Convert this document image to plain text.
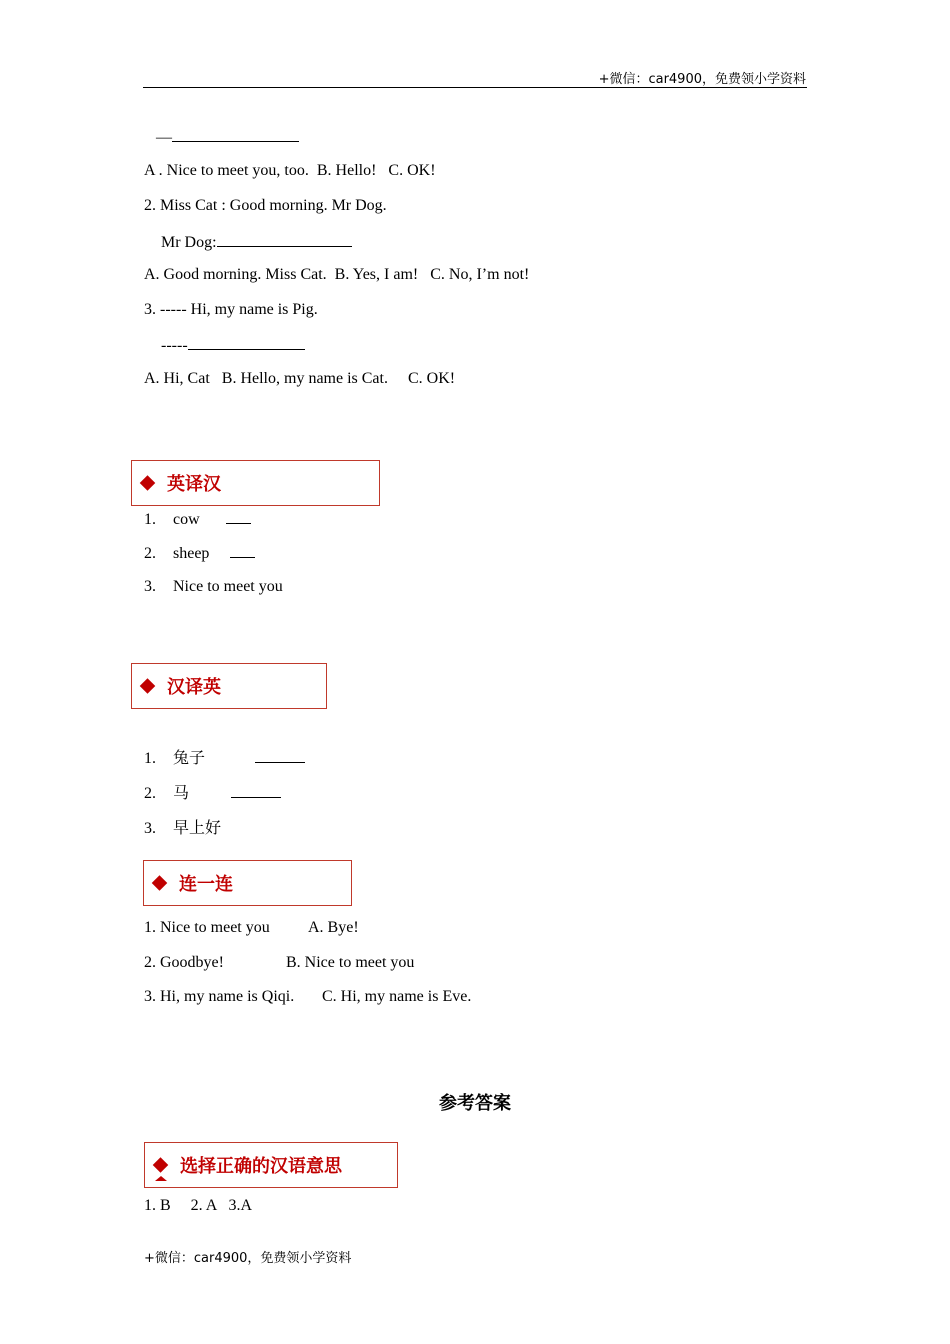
+微信：car4900，免费领小学资料
—
A . Nice to meet you, too.  B. Hello!   C. OK!
2. Miss Cat : Good morning. Mr Dog.
Mr Dog:
A. Good morning. Miss Cat.  B. Yes, I am!   C. No, I’m not!
3. ----- Hi, my name is Pig.
-----
A. Hi, Cat   B. Hello, my name is Cat.     C. OK!
英译汉
1. cow
2. sheep
3. Nice to meet you
汉译英
1. 兔子
2. 马
3. 早上好
连一连
1. Nice to meet you A. Bye!
2. Goodbye!	B. Nice to meet you
3. Hi, my name is Qiqi. C. Hi, my name is Eve.
参考答案
选择正确的汉语意思
1. B     2. A   3.A
+微信：car4900，免费领小学资料
